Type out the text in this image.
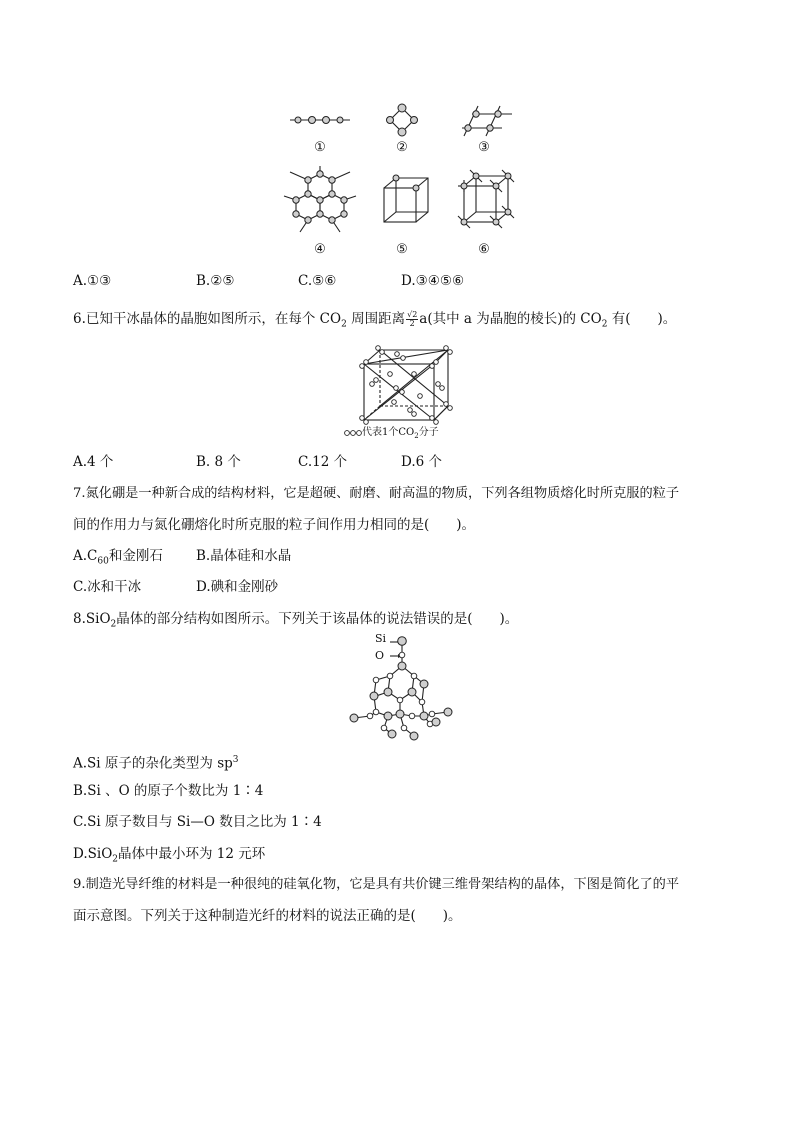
①	②	③
④	⑤	⑥
A.①③	B.②⑤	C.⑤⑥	D.③④⑤⑥
6.已知干冰晶体的晶胞如图所示，在每个 $CO_2$ 周围距离 $\frac{√2}{2} a$(其中 a 为晶胞的棱长)的 $CO_2$ 有(　　)。
代表1个$CO_2$分子
A.4 个	B. 8 个	C.12 个	D.6 个
7.氮化硼是一种新合成的结构材料，它是超硬、耐磨、耐高温的物质，下列各组物质熔化时所克服的粒子
间的作用力与氮化硼熔化时所克服的粒子间作用力相同的是(　　)。
$A.C_{60}$和金刚石 B.晶体硅和水晶
C.冰和干冰	D.碘和金刚砂
8.SiO$_2$晶体的部分结构如图所示。下列关于该晶体的说法错误的是(　　)。
Si
O
A.Si 原子的杂化类型为 $sp^3$
B.Si 、O 的原子个数比为 1∶4
C.Si 原子数目与 Si—O 数目之比为 1∶4
D.SiO$_2$晶体中最小环为 12 元环
9.制造光导纤维的材料是一种很纯的硅氧化物，它是具有共价键三维骨架结构的晶体，下图是简化了的平
面示意图。下列关于这种制造光纤的材料的说法正确的是(　　)。
